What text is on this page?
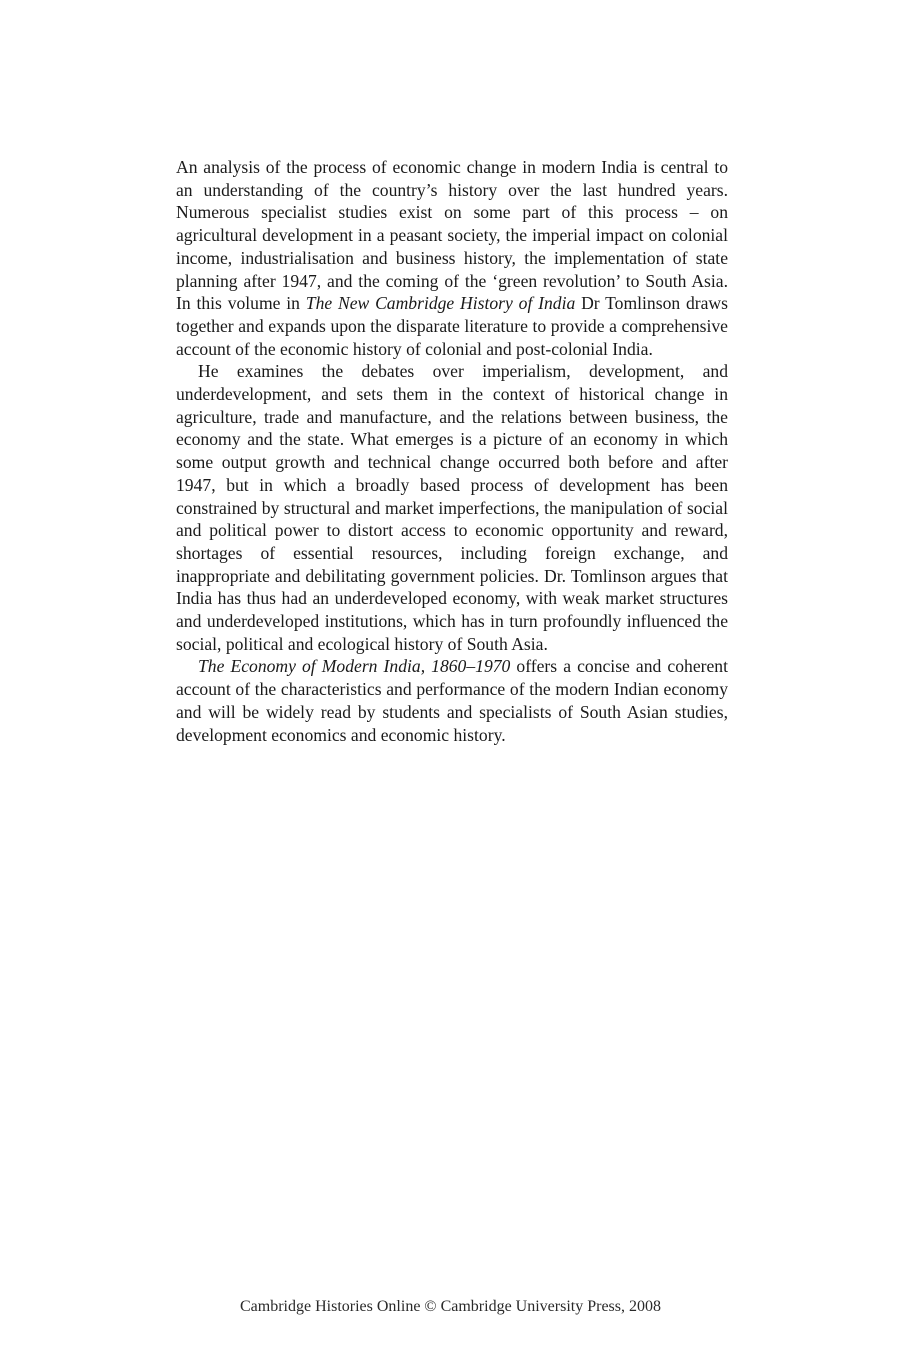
An analysis of the process of economic change in modern India is central to an understanding of the country’s history over the last hundred years. Numerous specialist studies exist on some part of this process – on agricultural development in a peasant society, the imperial impact on colonial income, industrialisation and business history, the implementation of state planning after 1947, and the coming of the ‘green revolution’ to South Asia. In this volume in The New Cambridge History of India Dr Tomlinson draws together and expands upon the disparate literature to provide a comprehensive account of the economic history of colonial and post-colonial India.

He examines the debates over imperialism, development, and underdevelopment, and sets them in the context of historical change in agriculture, trade and manufacture, and the relations between business, the economy and the state. What emerges is a picture of an economy in which some output growth and technical change occurred both before and after 1947, but in which a broadly based process of development has been constrained by structural and market imperfections, the manipulation of social and political power to distort access to economic opportunity and reward, shortages of essential resources, including foreign exchange, and inappropriate and debilitating government policies. Dr. Tomlinson argues that India has thus had an underdeveloped economy, with weak market structures and underdeveloped institutions, which has in turn profoundly influenced the social, political and ecological history of South Asia.

The Economy of Modern India, 1860–1970 offers a concise and coherent account of the characteristics and performance of the modern Indian economy and will be widely read by students and specialists of South Asian studies, development economics and economic history.

Cambridge Histories Online © Cambridge University Press, 2008
